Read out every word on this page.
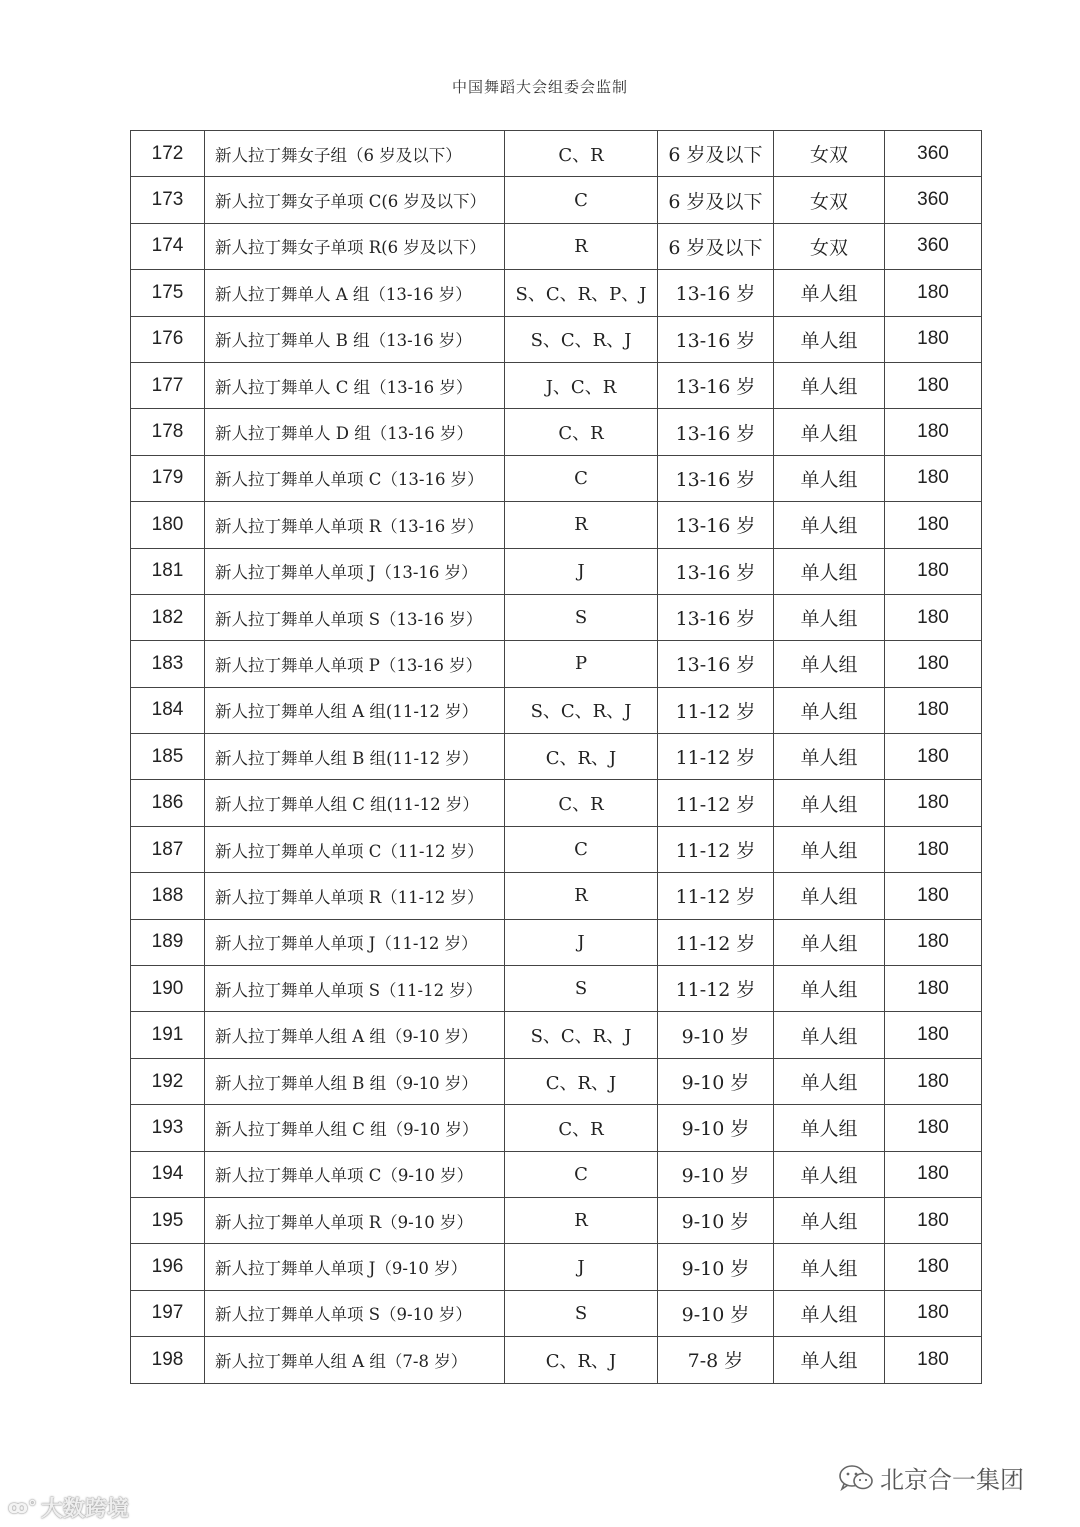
中国舞蹈大会组委会监制
172	新人拉丁舞女子组（6 岁及以下）	C、R	6 岁及以下	女双	360
173	新人拉丁舞女子单项 C(6 岁及以下）	C	6 岁及以下	女双	360
174	新人拉丁舞女子单项 R(6 岁及以下）	R	6 岁及以下	女双	360
175	新人拉丁舞单人 A 组（13-16 岁）	S、C、R、P、J	13-16 岁	单人组	180
176	新人拉丁舞单人 B 组（13-16 岁）	S、C、R、J	13-16 岁	单人组	180
177	新人拉丁舞单人 C 组（13-16 岁）	J、C、R	13-16 岁	单人组	180
178	新人拉丁舞单人 D 组（13-16 岁）	C、R	13-16 岁	单人组	180
179	新人拉丁舞单人单项 C（13-16 岁）	C	13-16 岁	单人组	180
180	新人拉丁舞单人单项 R（13-16 岁）	R	13-16 岁	单人组	180
181	新人拉丁舞单人单项 J（13-16 岁）	J	13-16 岁	单人组	180
182	新人拉丁舞单人单项 S（13-16 岁）	S	13-16 岁	单人组	180
183	新人拉丁舞单人单项 P（13-16 岁）	P	13-16 岁	单人组	180
184	新人拉丁舞单人组 A 组(11-12 岁）	S、C、R、J	11-12 岁	单人组	180
185	新人拉丁舞单人组 B 组(11-12 岁）	C、R、J	11-12 岁	单人组	180
186	新人拉丁舞单人组 C 组(11-12 岁）	C、R	11-12 岁	单人组	180
187	新人拉丁舞单人单项 C（11-12 岁）	C	11-12 岁	单人组	180
188	新人拉丁舞单人单项 R（11-12 岁）	R	11-12 岁	单人组	180
189	新人拉丁舞单人单项 J（11-12 岁）	J	11-12 岁	单人组	180
190	新人拉丁舞单人单项 S（11-12 岁）	S	11-12 岁	单人组	180
191	新人拉丁舞单人组 A 组（9-10 岁）	S、C、R、J	9-10 岁	单人组	180
192	新人拉丁舞单人组 B 组（9-10 岁）	C、R、J	9-10 岁	单人组	180
193	新人拉丁舞单人组 C 组（9-10 岁）	C、R	9-10 岁	单人组	180
194	新人拉丁舞单人单项 C（9-10 岁）	C	9-10 岁	单人组	180
195	新人拉丁舞单人单项 R（9-10 岁）	R	9-10 岁	单人组	180
196	新人拉丁舞单人单项 J（9-10 岁）	J	9-10 岁	单人组	180
197	新人拉丁舞单人单项 S（9-10 岁）	S	9-10 岁	单人组	180
198	新人拉丁舞单人组 A 组（7-8 岁）	C、R、J	7-8 岁	单人组	180
ꝏ° 大数跨境
北京合一集团
